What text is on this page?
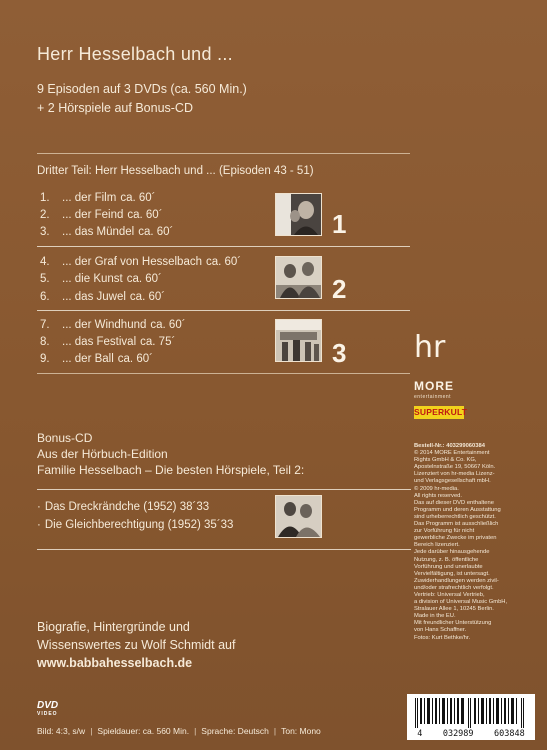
Herr Hesselbach und ...
9 Episoden auf 3 DVDs (ca. 560 Min.)
+ 2 Hörspiele auf Bonus-CD
Dritter Teil: Herr Hesselbach und ... (Episoden 43 - 51)
1. ... der Film ca. 60´
2. ... der Feind ca. 60´
3. ... das Mündel ca. 60´	1
4. ... der Graf von Hesselbach ca. 60´
5. ... die Kunst ca. 60´
6. ... das Juwel ca. 60´	2
7. ... der Windhund ca. 60´
8. ... das Festival ca. 75´
9. ... der Ball ca. 60´	3
Bonus-CD
Aus der Hörbuch-Edition
Familie Hesselbach – Die besten Hörspiele, Teil 2:
· Das Dreckrändche (1952) 38´33
· Die Gleichberechtigung (1952) 35´33
Biografie, Hintergründe und
Wissenswertes zu Wolf Schmidt auf
www.babbahesselbach.de
DVD
VIDEO
Bild: 4:3, s/w | Spieldauer: ca. 560 Min. | Sprache: Deutsch | Ton: Mono
hr
MORE
entertainment
SUPERKULT
Bestell-Nr.: 403299060384
© 2014 MORE Entertainment
Rights GmbH & Co. KG,
Apostelnstraße 19, 50667 Köln.
Lizenziert von hr-media Lizenz-
und Verlagsgesellschaft mbH.
© 2009 hr-media.
All rights reserved.
Das auf dieser DVD enthaltene
Programm und deren Ausstattung
sind urheberrechtlich geschützt.
Das Programm ist ausschließlich
zur Vorführung für nicht
gewerbliche Zwecke im privaten
Bereich lizenziert.
Jede darüber hinausgehende
Nutzung, z. B. öffentliche
Vorführung und unerlaubte
Vervielfältigung, ist untersagt.
Zuwiderhandlungen werden zivil-
und/oder strafrechtlich verfolgt.
Vertrieb: Universal Vertrieb,
a division of Universal Music GmbH,
Stralauer Allee 1, 10245 Berlin.
Made in the EU.
Mit freundlicher Unterstützung
von Hans Schaffner.
Fotos: Kurt Bethke/hr.
4 032989 603848
